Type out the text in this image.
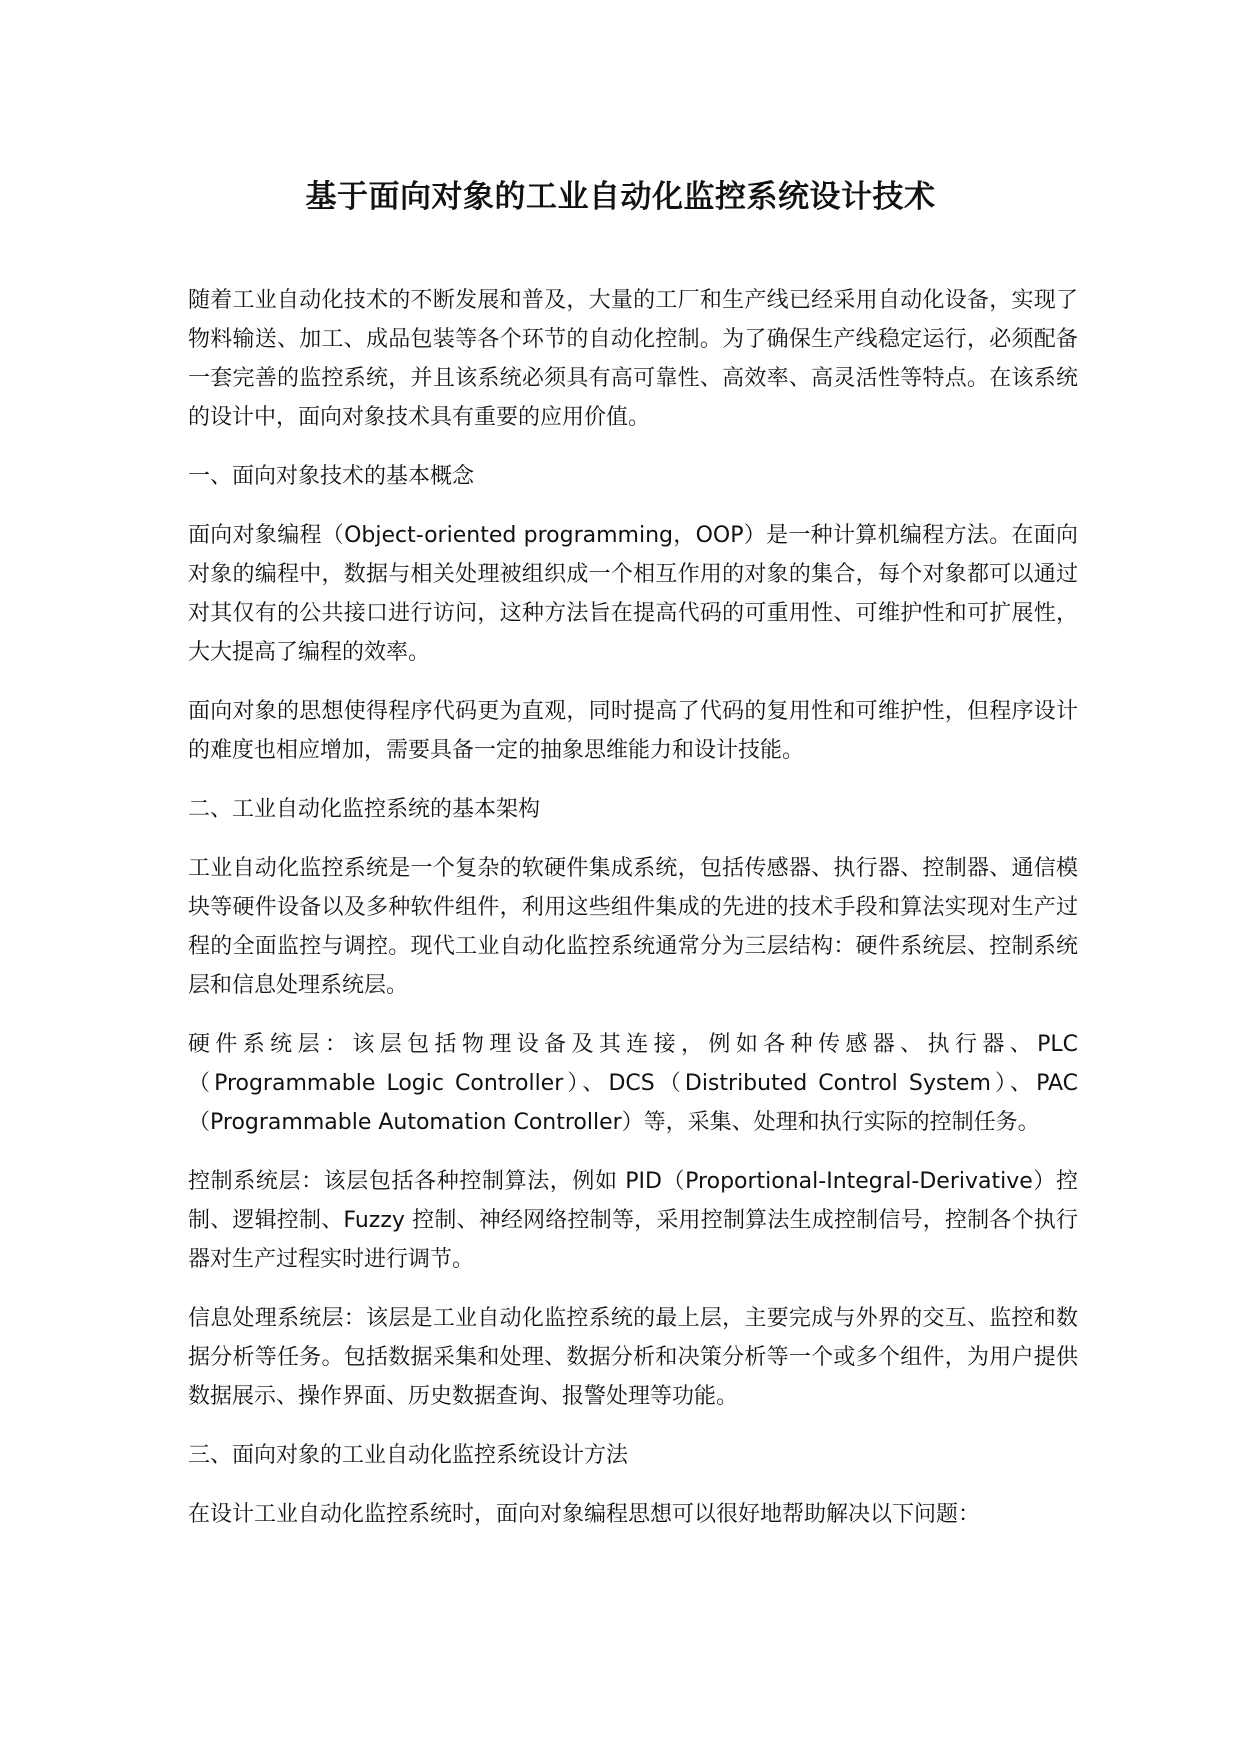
基于面向对象的工业自动化监控系统设计技术

随着工业自动化技术的不断发展和普及，大量的工厂和生产线已经采用自动化设备，实现了物料输送、加工、成品包装等各个环节的自动化控制。为了确保生产线稳定运行，必须配备一套完善的监控系统，并且该系统必须具有高可靠性、高效率、高灵活性等特点。在该系统的设计中，面向对象技术具有重要的应用价值。

一、面向对象技术的基本概念

面向对象编程（Object-oriented programming，OOP）是一种计算机编程方法。在面向对象的编程中，数据与相关处理被组织成一个相互作用的对象的集合，每个对象都可以通过对其仅有的公共接口进行访问，这种方法旨在提高代码的可重用性、可维护性和可扩展性，大大提高了编程的效率。

面向对象的思想使得程序代码更为直观，同时提高了代码的复用性和可维护性，但程序设计的难度也相应增加，需要具备一定的抽象思维能力和设计技能。

二、工业自动化监控系统的基本架构

工业自动化监控系统是一个复杂的软硬件集成系统，包括传感器、执行器、控制器、通信模块等硬件设备以及多种软件组件，利用这些组件集成的先进的技术手段和算法实现对生产过程的全面监控与调控。现代工业自动化监控系统通常分为三层结构：硬件系统层、控制系统层和信息处理系统层。

硬件系统层：该层包括物理设备及其连接，例如各种传感器、执行器、PLC（Programmable Logic Controller）、DCS（Distributed Control System）、PAC（Programmable Automation Controller）等，采集、处理和执行实际的控制任务。

控制系统层：该层包括各种控制算法，例如 PID（Proportional-Integral-Derivative）控制、逻辑控制、Fuzzy 控制、神经网络控制等，采用控制算法生成控制信号，控制各个执行器对生产过程实时进行调节。

信息处理系统层：该层是工业自动化监控系统的最上层，主要完成与外界的交互、监控和数据分析等任务。包括数据采集和处理、数据分析和决策分析等一个或多个组件，为用户提供数据展示、操作界面、历史数据查询、报警处理等功能。

三、面向对象的工业自动化监控系统设计方法

在设计工业自动化监控系统时，面向对象编程思想可以很好地帮助解决以下问题：
